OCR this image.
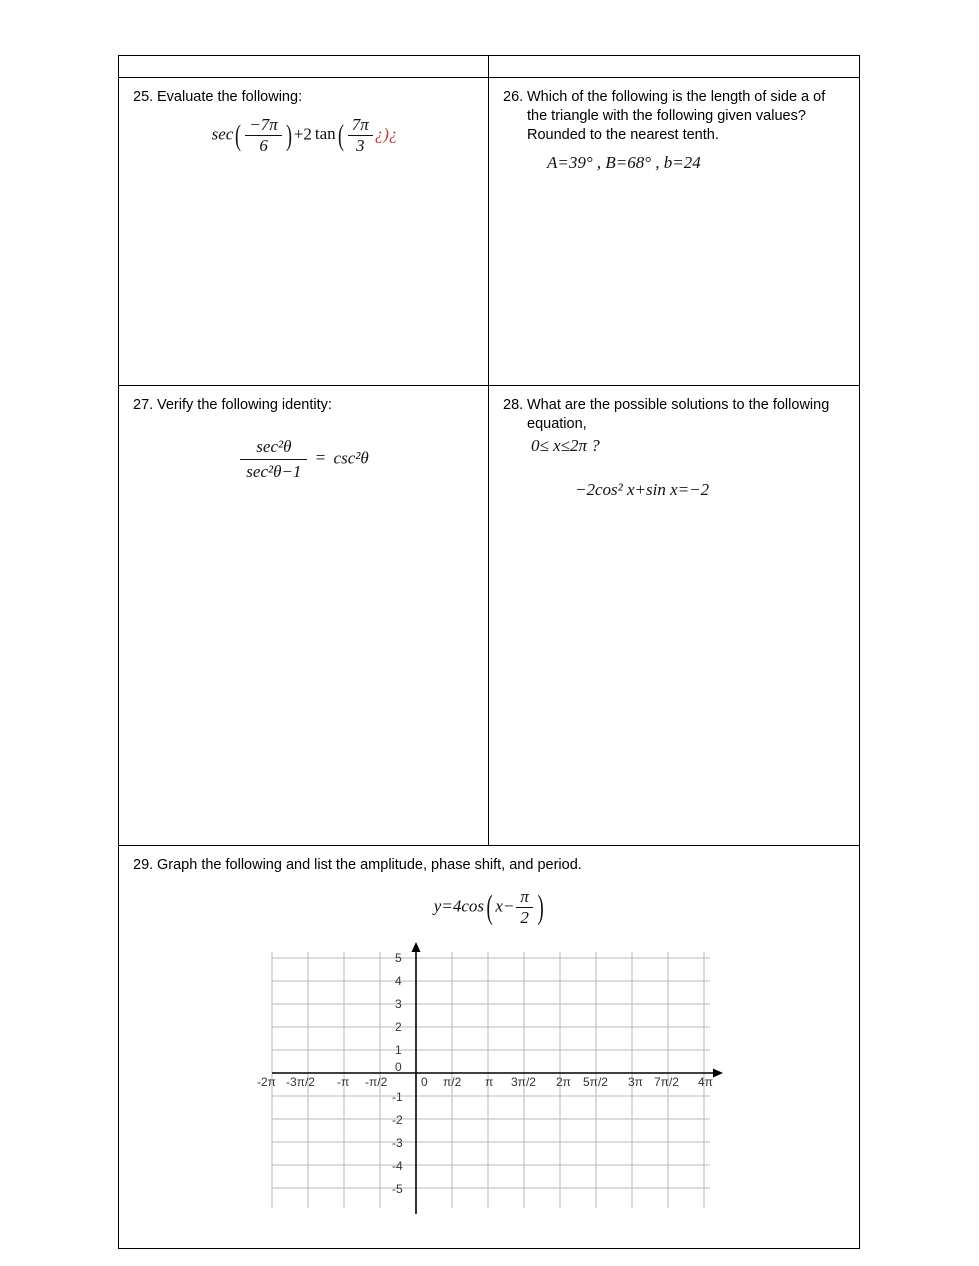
25. Evaluate the following:
$\sec( \frac{-7\pi}{6}$ ) +2 $\tan( \frac{7\pi}{3}$ ¿)¿

26. Which of the following is the length of side a of the triangle with the following given values? Rounded to the nearest tenth.
A=39° , B=68° , b=24

27. Verify the following identity:
$\frac{\text{sec²θ}}{\text{sec²θ−1}} = \csc^2\theta$

28. What are the possible solutions to the following equation,
0≤ x≤2π ?
−2cos² x+sin x=−2

29. Graph the following and list the amplitude, phase shift, and period.
y=4cos( $x- \frac{\pi}{2}$ )
5
4
3
2
1
0
-1
-2
-3
-4
-5
-2π -3π/2 -π -π/2	0 π/2 π 3π/2 2π 5π/2 3π 7π/2 4π
